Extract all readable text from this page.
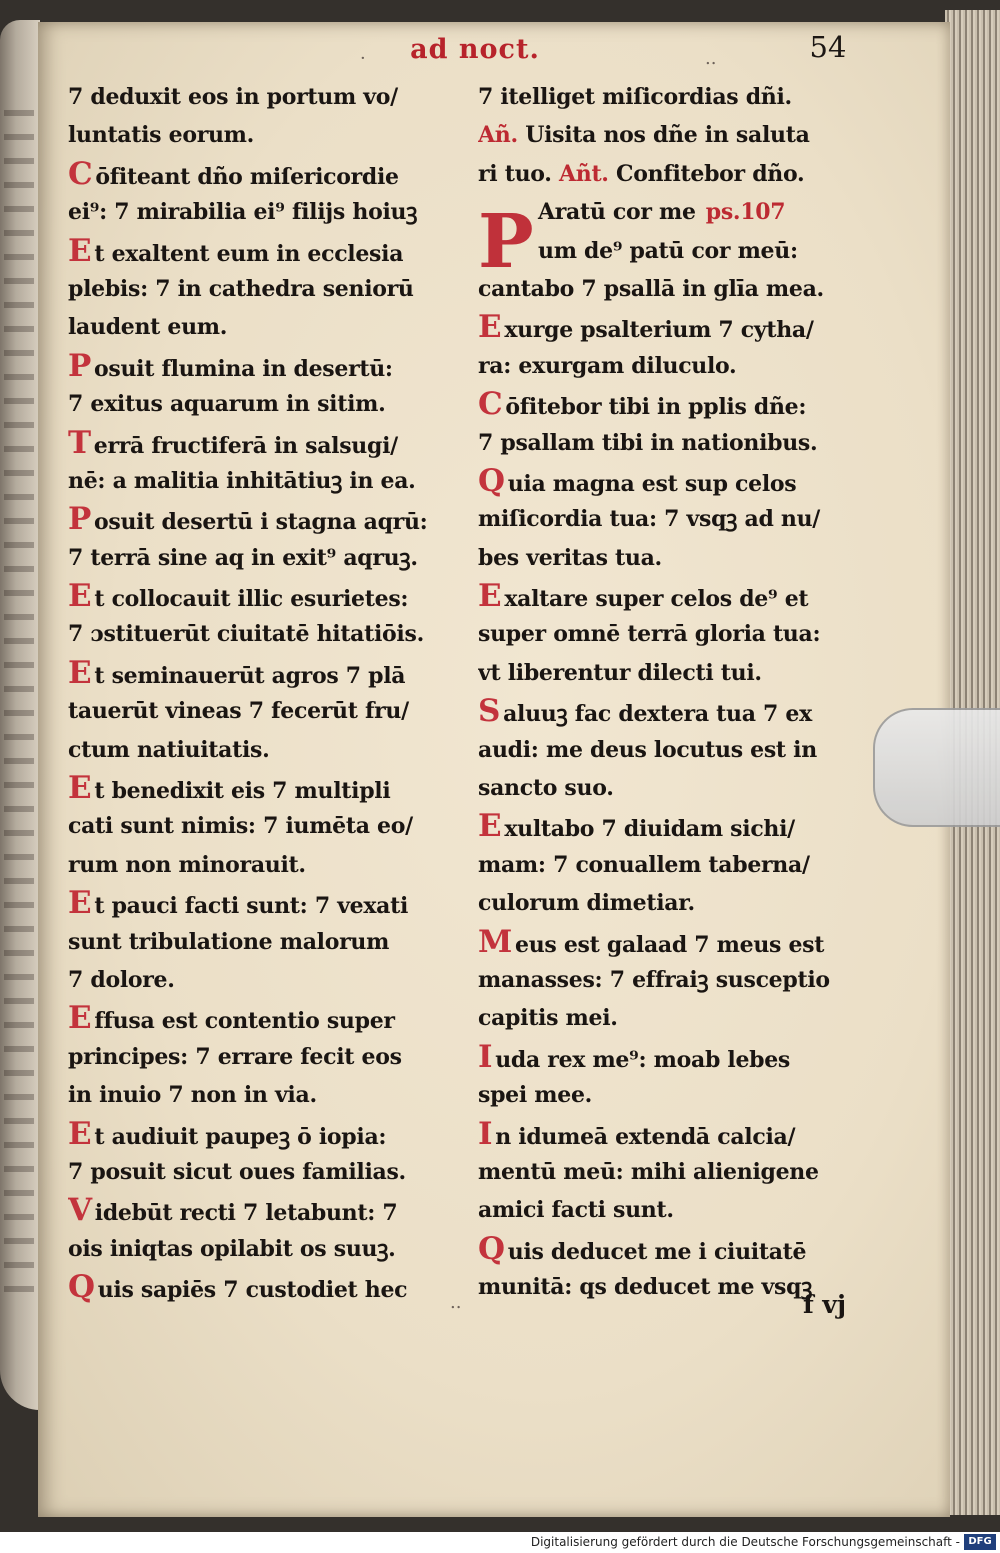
ad noct.	54
·	..
..
7 deduxit eos in portum vo/
luntatis eorum.
C ōfiteant dño miſericordie
ei⁹: 7 mirabilia ei⁹ filijs hoiuꝫ
E t exaltent eum in ecclesia
plebis: 7 in cathedra seniorū
laudent eum.
P osuit flumina in desertū:
7 exitus aquarum in sitim.
T errā fructiferā in salsugi/
nē: a malitia inhitātiuꝫ in ea.
P osuit desertū i stagna aqrū:
7 terrā sine aq in exit⁹ aqruꝫ.
E t collocauit illic esurietes:
7 ɔstituerūt ciuitatē hitatiōis.
E t seminauerūt agros 7 plā
tauerūt vineas 7 fecerūt fru/
ctum natiuitatis.
E t benedixit eis 7 multipli
cati sunt nimis: 7 iumēta eo/
rum non minorauit.
E t pauci facti sunt: 7 vexati
sunt tribulatione malorum
7 dolore.
E ffusa est contentio super
principes: 7 errare fecit eos
in inuio 7 non in via.
E t audiuit paupeꝫ ō iopia:
7 posuit sicut oues familias.
V idebūt recti 7 letabunt: 7
ois iniqtas opilabit os suuꝫ.
Q uis sapiēs 7 custodiet hec
7 itelliget miſicordias dñi.
Añ. Uisita nos dñe in saluta
ri tuo. Añt. Confitebor dño.
Aratū cor me ps.107
um de⁹ patū cor meū:
cantabo 7 psallā in glīa mea.
E xurge psalterium 7 cytha/
ra: exurgam diluculo.
C ōfitebor tibi in pplis dñe:
7 psallam tibi in nationibus.
Q uia magna est sup celos
miſicordia tua: 7 vsqꝫ ad nu/
bes veritas tua.
E xaltare super celos de⁹ et
super omnē terrā gloria tua:
vt liberentur dilecti tui.
S aluuꝫ fac dextera tua 7 ex
audi: me deus locutus est in
sancto suo.
E xultabo 7 diuidam sichi/
mam: 7 conuallem taberna/
culorum dimetiar.
M eus est galaad 7 meus est
manasses: 7 effraiꝫ susceptio
capitis mei.
I uda rex me⁹: moab lebes
spei mee.
I n idumeā extendā calcia/
mentū meū: mihi alienigene
amici facti sunt.
Q uis deducet me i ciuitatē
munitā: qs deducet me vsqꝫ
P
f vj
Digitalisierung gefördert durch die Deutsche Forschungsgemeinschaft - DFG
